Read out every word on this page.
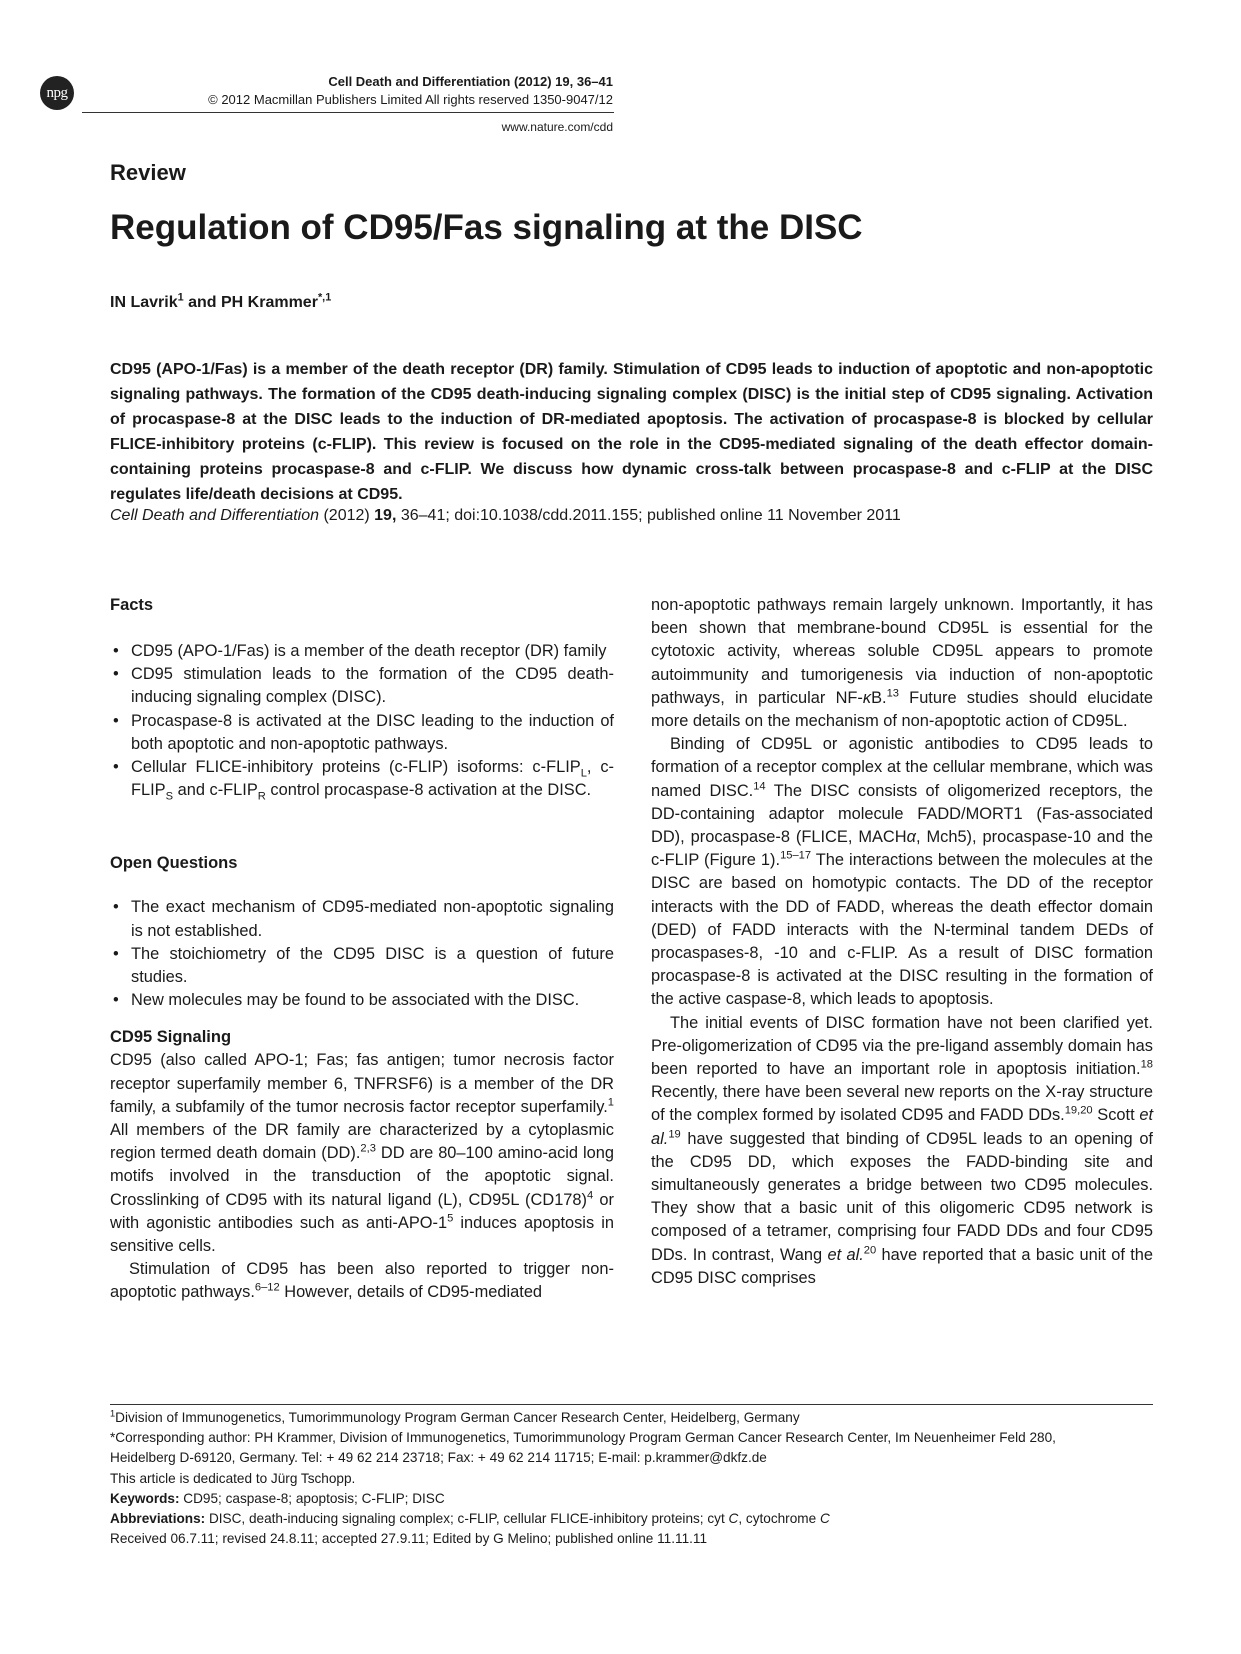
npg
Cell Death and Differentiation (2012) 19, 36–41
© 2012 Macmillan Publishers Limited All rights reserved 1350-9047/12
www.nature.com/cdd
Review
Regulation of CD95/Fas signaling at the DISC
IN Lavrik$^1$ and PH Krammer$^{*,1}$
CD95 (APO-1/Fas) is a member of the death receptor (DR) family. Stimulation of CD95 leads to induction of apoptotic and non-apoptotic signaling pathways. The formation of the CD95 death-inducing signaling complex (DISC) is the initial step of CD95 signaling. Activation of procaspase-8 at the DISC leads to the induction of DR-mediated apoptosis. The activation of procaspase-8 is blocked by cellular FLICE-inhibitory proteins (c-FLIP). This review is focused on the role in the CD95-mediated signaling of the death effector domain-containing proteins procaspase-8 and c-FLIP. We discuss how dynamic cross-talk between procaspase-8 and c-FLIP at the DISC regulates life/death decisions at CD95.
Cell Death and Differentiation (2012) 19, 36–41; doi:10.1038/cdd.2011.155; published online 11 November 2011
Facts
• CD95 (APO-1/Fas) is a member of the death receptor (DR) family
• CD95 stimulation leads to the formation of the CD95 death-inducing signaling complex (DISC).
• Procaspase-8 is activated at the DISC leading to the induction of both apoptotic and non-apoptotic pathways.
• Cellular FLICE-inhibitory proteins (c-FLIP) isoforms: $c-FLIP_L$, $c-FLIP_S$ and $c-FLIP_R$ control procaspase-8 activation at the DISC.
Open Questions
• The exact mechanism of CD95-mediated non-apoptotic signaling is not established.
• The stoichiometry of the CD95 DISC is a question of future studies.
• New molecules may be found to be associated with the DISC.
CD95 Signaling

CD95 (also called APO-1; Fas; fas antigen; tumor necrosis factor receptor superfamily member 6, TNFRSF6) is a member of the DR family, a subfamily of the tumor necrosis factor receptor superfamily.$^1$ All members of the DR family are characterized by a cytoplasmic region termed death domain (DD).$^{2,3}$ DD are 80–100 amino-acid long motifs involved in the transduction of the apoptotic signal. Crosslinking of CD95 with its natural ligand (L), CD95L $(CD178)^4$ or with agonistic antibodies such as anti-$APO-1^5$ induces apoptosis in sensitive cells.

Stimulation of CD95 has been also reported to trigger non-apoptotic pathways.$^{6-12}$ However, details of CD95-mediated

non-apoptotic pathways remain largely unknown. Importantly, it has been shown that membrane-bound CD95L is essential for the cytotoxic activity, whereas soluble CD95L appears to promote autoimmunity and tumorigenesis via induction of non-apoptotic pathways, in particular NF-κB.$^{13}$ Future studies should elucidate more details on the mechanism of non-apoptotic action of CD95L.

Binding of CD95L or agonistic antibodies to CD95 leads to formation of a receptor complex at the cellular membrane, which was named DISC.$^{14}$ The DISC consists of oligomerized receptors, the DD-containing adaptor molecule FADD/MORT1 (Fas-associated DD), procaspase-8 (FLICE, MACHα, Mch5), procaspase-10 and the c-FLIP (Figure 1).$^{15-17}$ The interactions between the molecules at the DISC are based on homotypic contacts. The DD of the receptor interacts with the DD of FADD, whereas the death effector domain (DED) of FADD interacts with the N-terminal tandem DEDs of procaspases-8, -10 and c-FLIP. As a result of DISC formation procaspase-8 is activated at the DISC resulting in the formation of the active caspase-8, which leads to apoptosis.

The initial events of DISC formation have not been clarified yet. Pre-oligomerization of CD95 via the pre-ligand assembly domain has been reported to have an important role in apoptosis initiation.$^{18}$ Recently, there have been several new reports on the X-ray structure of the complex formed by isolated CD95 and FADD DDs.$^{19,20}$ Scott et al.$^{19}$ have suggested that binding of CD95L leads to an opening of the CD95 DD, which exposes the FADD-binding site and simultaneously generates a bridge between two CD95 molecules. They show that a basic unit of this oligomeric CD95 network is composed of a tetramer, comprising four FADD DDs and four CD95 DDs. In contrast, Wang et al.$^{20}$ have reported that a basic unit of the CD95 DISC comprises

$^1$Division of Immunogenetics, Tumorimmunology Program German Cancer Research Center, Heidelberg, Germany
*Corresponding author: PH Krammer, Division of Immunogenetics, Tumorimmunology Program German Cancer Research Center, Im Neuenheimer Feld 280,
Heidelberg D-69120, Germany. Tel: + 49 62 214 23718; Fax: + 49 62 214 11715; E-mail: p.krammer@dkfz.de
This article is dedicated to Jürg Tschopp.
Keywords: CD95; caspase-8; apoptosis; C-FLIP; DISC
Abbreviations: DISC, death-inducing signaling complex; c-FLIP, cellular FLICE-inhibitory proteins; cyt C, cytochrome C
Received 06.7.11; revised 24.8.11; accepted 27.9.11; Edited by G Melino; published online 11.11.11
